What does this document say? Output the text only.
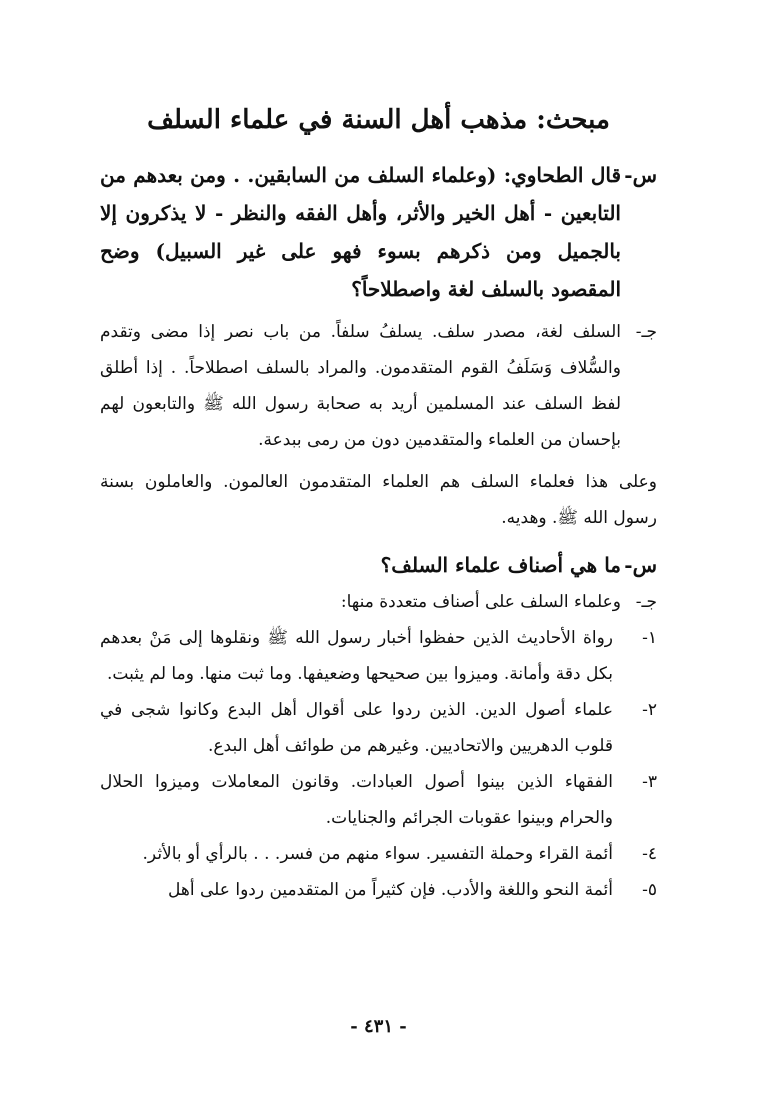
مبحث: مذهب أهل السنة في علماء السلف
س-
قال الطحاوي: (وعلماء السلف من السابقين. . ومن بعدهم من التابعين - أهل الخير والأثر، وأهل الفقه والنظر - لا يذكرون إلا بالجميل ومن ذكرهم بسوء فهو على غير السبيل) وضح المقصود بالسلف لغة واصطلاحاً؟
جـ-
السلف لغة، مصدر سلف. يسلفُ سلفاً. من باب نصر إذا مضى وتقدم والسُّلاف وَسَلَفُ القوم المتقدمون. والمراد بالسلف اصطلاحاً. . إذا أطلق لفظ السلف عند المسلمين أريد به صحابة رسول الله ﷺ والتابعون لهم بإحسان من العلماء والمتقدمين دون من رمى ببدعة.

وعلى هذا فعلماء السلف هم العلماء المتقدمون العالمون. والعاملون بسنة رسول الله ﷺ. وهديه.

س-
ما هي أصناف علماء السلف؟
جـ-
وعلماء السلف على أصناف متعددة منها:
١-
رواة الأحاديث الذين حفظوا أخبار رسول الله ﷺ ونقلوها إلى مَنْ بعدهم بكل دقة وأمانة. وميزوا بين صحيحها وضعيفها. وما ثبت منها. وما لم يثبت.
٢-
علماء أصول الدين. الذين ردوا على أقوال أهل البدع وكانوا شجى في قلوب الدهريين والاتحاديين. وغيرهم من طوائف أهل البدع.
٣-
الفقهاء الذين بينوا أصول العبادات. وقانون المعاملات وميزوا الحلال والحرام وبينوا عقوبات الجرائم والجنايات.
٤-
أئمة القراء وحملة التفسير. سواء منهم من فسر. . . بالرأي أو بالأثر.
٥-
أئمة النحو واللغة والأدب. فإن كثيراً من المتقدمين ردوا على أهل
- ٤٣١ -
